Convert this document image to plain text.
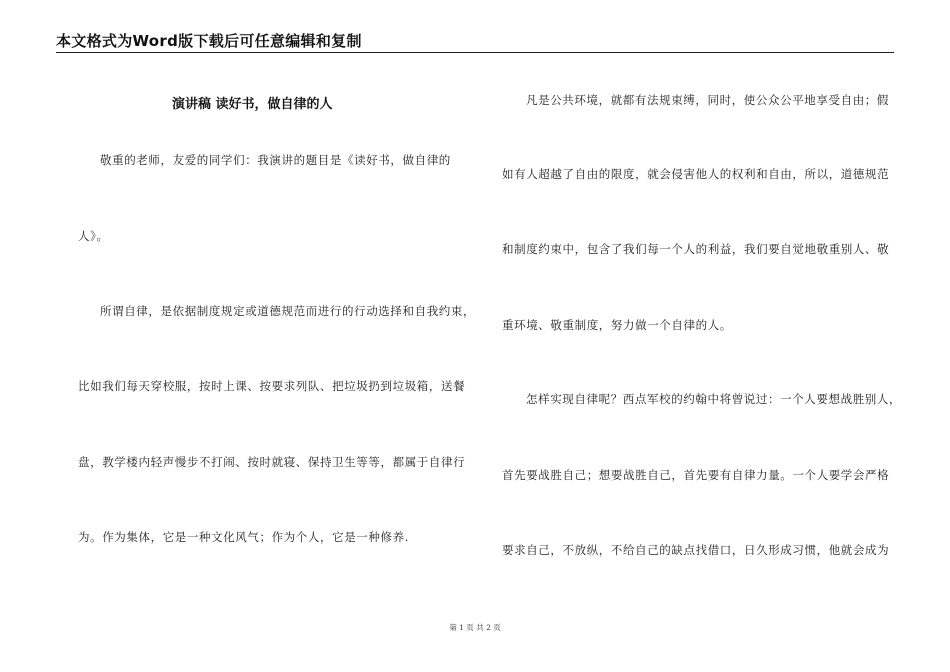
本文格式为Word版下载后可任意编辑和复制
演讲稿 读好书，做自律的人
敬重的老师，友爱的同学们：我演讲的题目是《读好书，做自律的
人》。
所谓自律，是依据制度规定或道德规范而进行的行动选择和自我约束，
比如我们每天穿校服，按时上课、按要求列队、把垃圾扔到垃圾箱，送餐
盘，教学楼内轻声慢步不打闹、按时就寝、保持卫生等等，都属于自律行
为。作为集体，它是一种文化风气；作为个人，它是一种修养.
凡是公共环境，就都有法规束缚，同时，使公众公平地享受自由；假
如有人超越了自由的限度，就会侵害他人的权利和自由，所以，道德规范
和制度约束中，包含了我们每一个人的利益，我们要自觉地敬重别人、敬
重环境、敬重制度，努力做一个自律的人。
怎样实现自律呢？西点军校的约翰中将曾说过：一个人要想战胜别人，
首先要战胜自己；想要战胜自己，首先要有自律力量。一个人要学会严格
要求自己，不放纵，不给自己的缺点找借口，日久形成习惯，他就会成为
第 1 页 共 2 页
